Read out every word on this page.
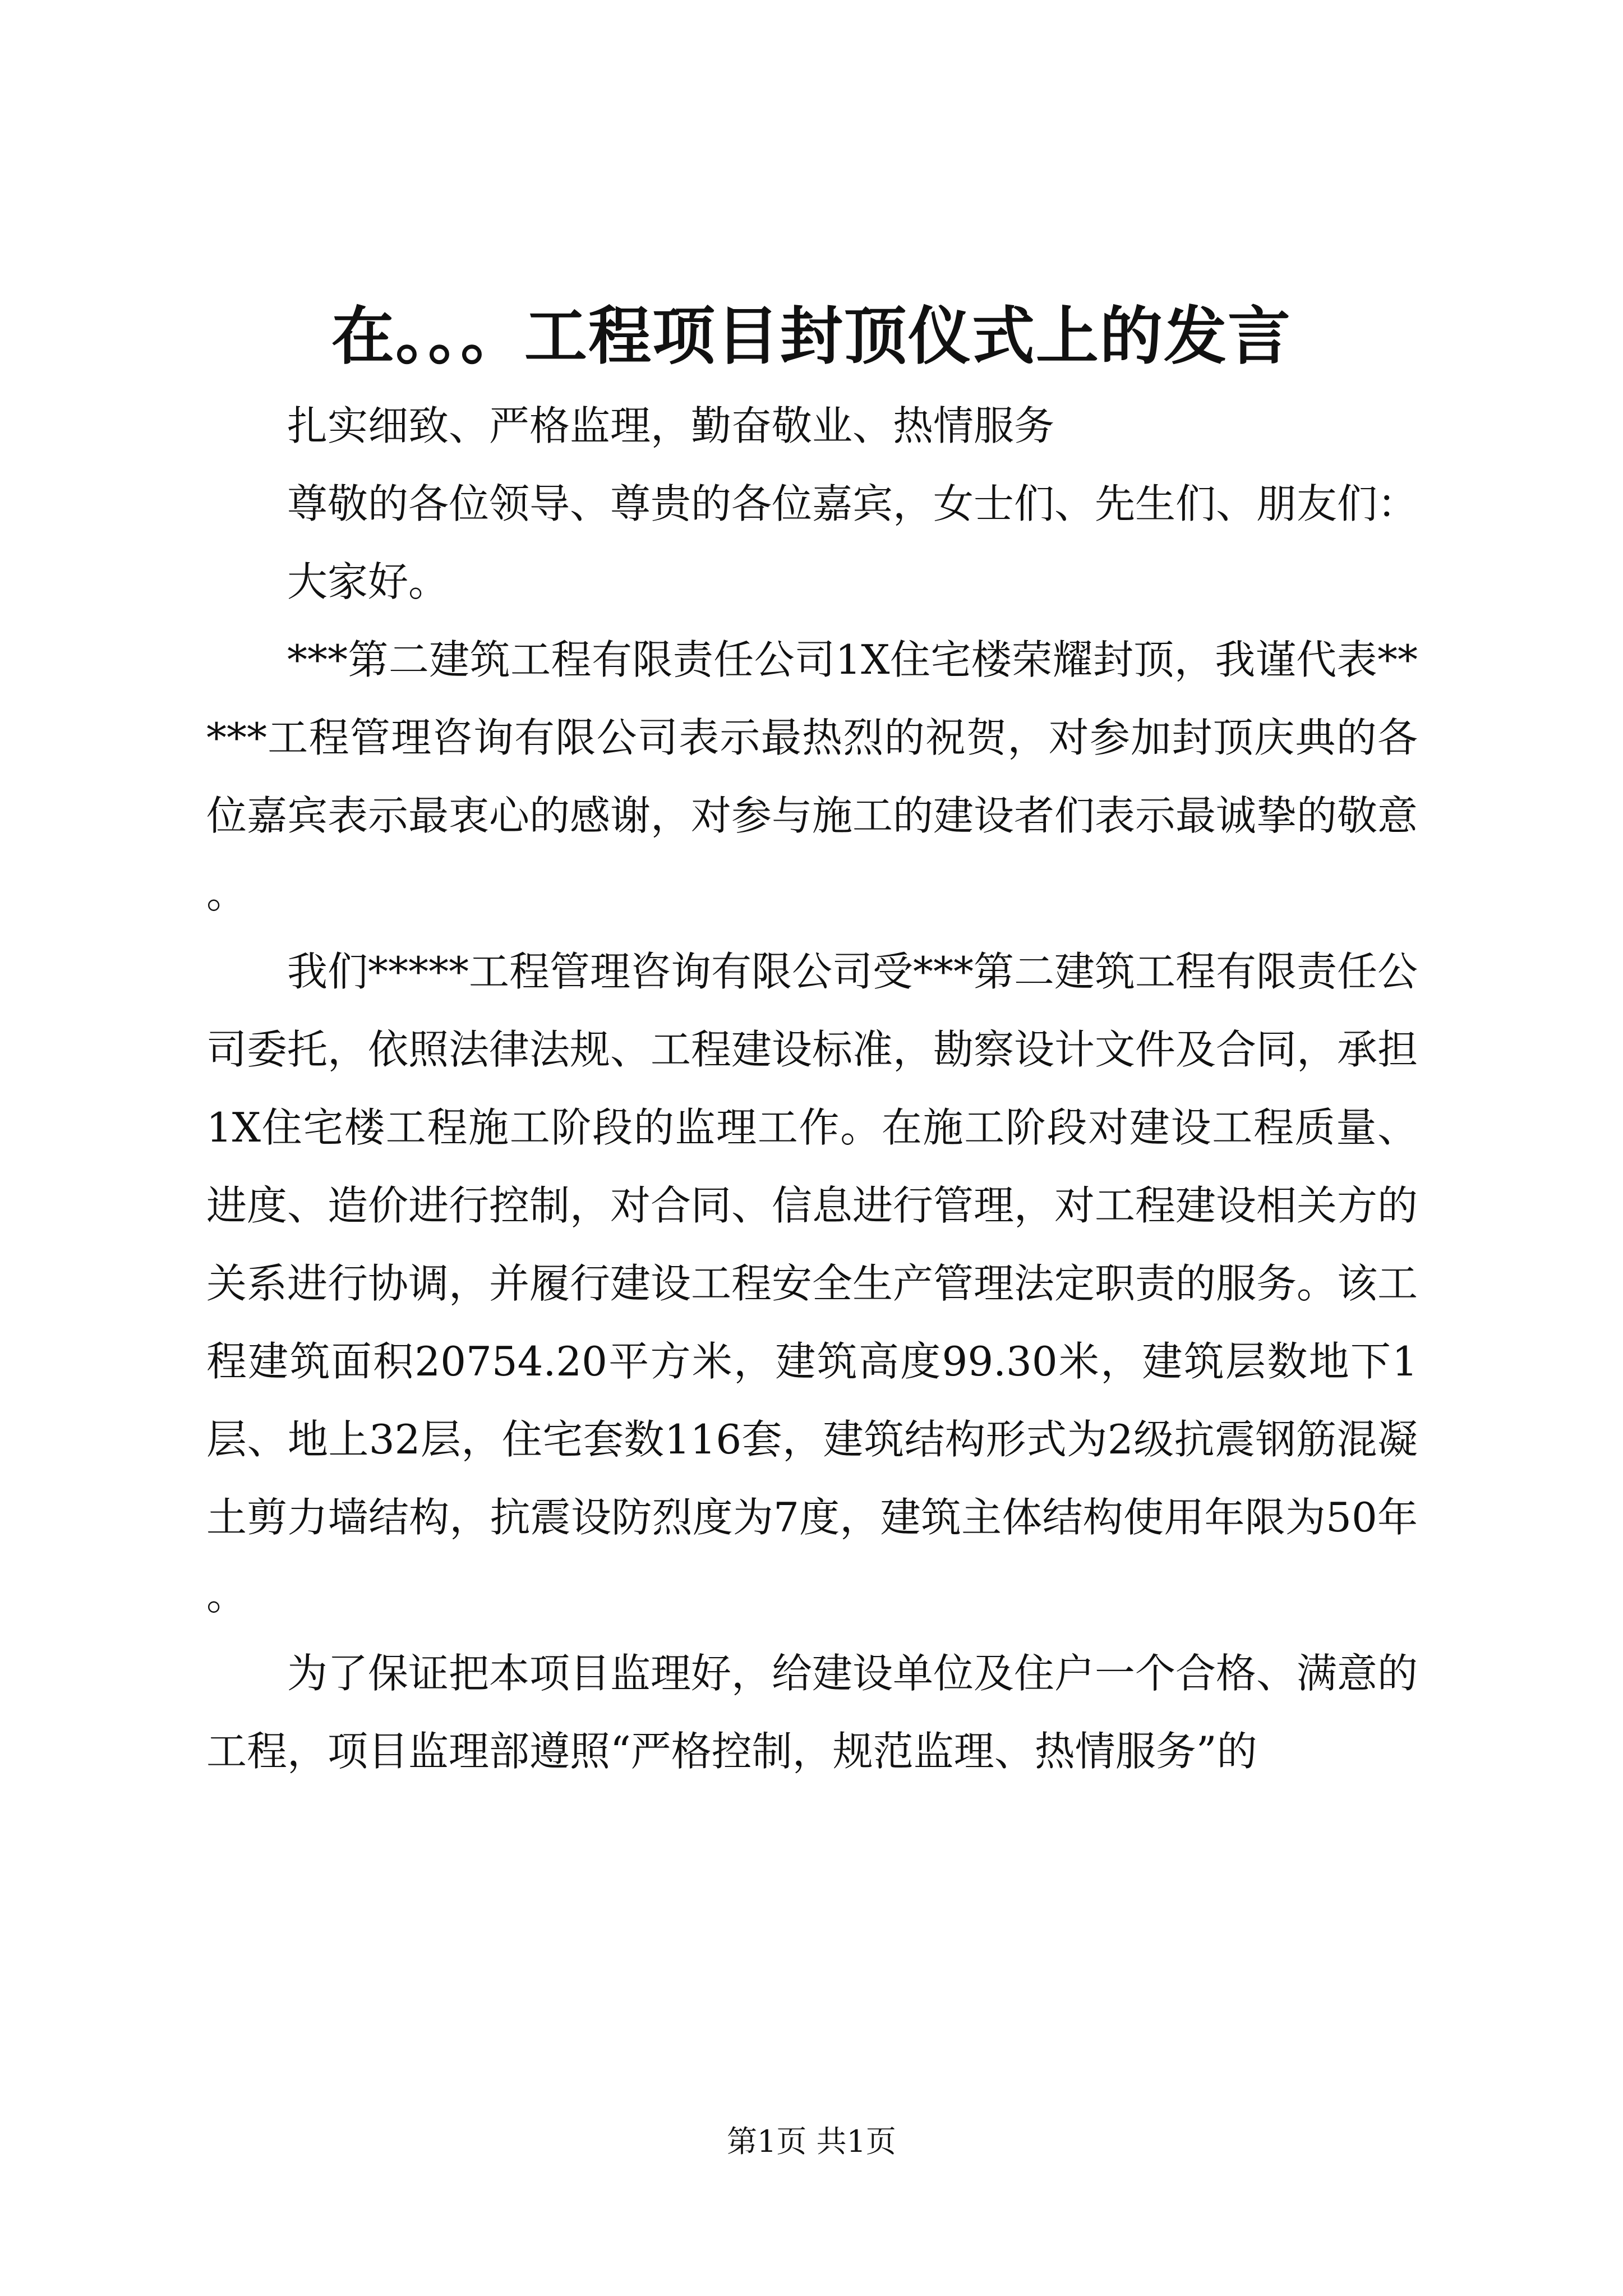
在。。。工程项目封顶仪式上的发言

扎实细致、严格监理，勤奋敬业、热情服务

尊敬的各位领导、尊贵的各位嘉宾，女士们、先生们、朋友们：

大家好。

***第二建筑工程有限责任公司1X住宅楼荣耀封顶，我谨代表*****工程管理咨询有限公司表示最热烈的祝贺，对参加封顶庆典的各位嘉宾表示最衷心的感谢，对参与施工的建设者们表示最诚挚的敬意。

我们*****工程管理咨询有限公司受***第二建筑工程有限责任公司委托，依照法律法规、工程建设标准，勘察设计文件及合同，承担1X住宅楼工程施工阶段的监理工作。在施工阶段对建设工程质量、进度、造价进行控制，对合同、信息进行管理，对工程建设相关方的关系进行协调，并履行建设工程安全生产管理法定职责的服务。该工程建筑面积20754.20平方米，建筑高度99.30米，建筑层数地下1层、地上32层，住宅套数116套，建筑结构形式为2级抗震钢筋混凝土剪力墙结构，抗震设防烈度为7度，建筑主体结构使用年限为50年。

为了保证把本项目监理好，给建设单位及住户一个合格、满意的工程，项目监理部遵照“严格控制，规范监理、热情服务”的

第1页 共1页
